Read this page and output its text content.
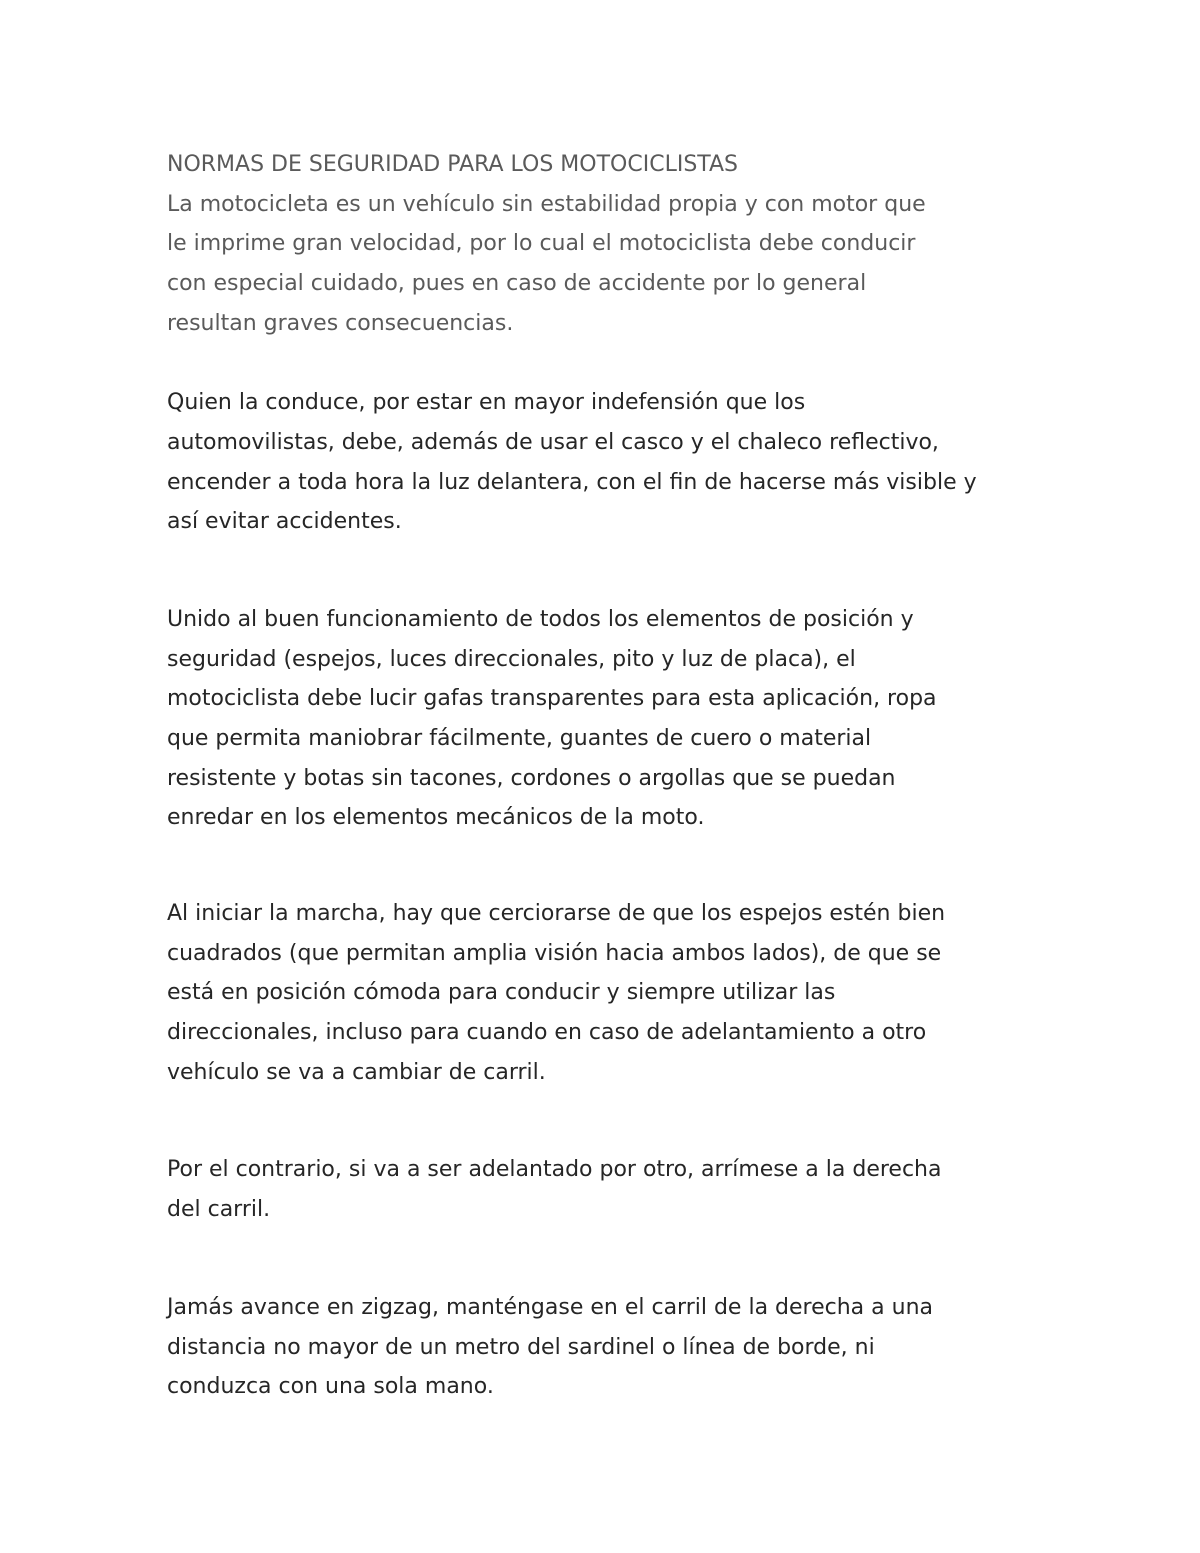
NORMAS DE SEGURIDAD PARA LOS MOTOCICLISTAS

La motocicleta es un vehículo sin estabilidad propia y con motor que
le imprime gran velocidad, por lo cual el motociclista debe conducir
con especial cuidado, pues en caso de accidente por lo general
resultan graves consecuencias.
Quien la conduce, por estar en mayor indefensión que los
automovilistas, debe, además de usar el casco y el chaleco reflectivo,
encender a toda hora la luz delantera, con el fin de hacerse más visible y
así evitar accidentes.
Unido al buen funcionamiento de todos los elementos de posición y
seguridad (espejos, luces direccionales, pito y luz de placa), el
motociclista debe lucir gafas transparentes para esta aplicación, ropa
que permita maniobrar fácilmente, guantes de cuero o material
resistente y botas sin tacones, cordones o argollas que se puedan
enredar en los elementos mecánicos de la moto.
Al iniciar la marcha, hay que cerciorarse de que los espejos estén bien
cuadrados (que permitan amplia visión hacia ambos lados), de que se
está en posición cómoda para conducir y siempre utilizar las
direccionales, incluso para cuando en caso de adelantamiento a otro
vehículo se va a cambiar de carril.
Por el contrario, si va a ser adelantado por otro, arrímese a la derecha
del carril.
Jamás avance en zigzag, manténgase en el carril de la derecha a una
distancia no mayor de un metro del sardinel o línea de borde, ni
conduzca con una sola mano.
